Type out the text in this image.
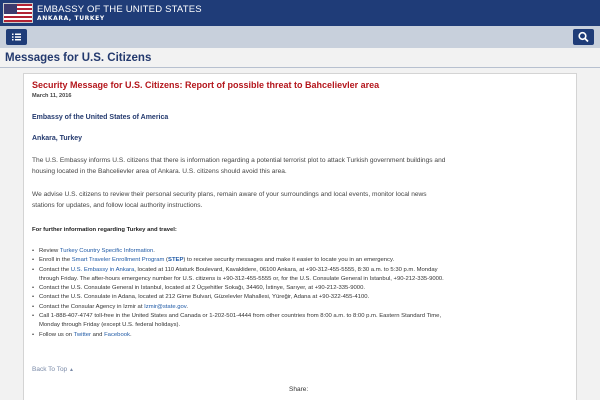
EMBASSY OF THE UNITED STATES
ANKARA, TURKEY
Messages for U.S. Citizens
Security Message for U.S. Citizens: Report of possible threat to Bahcelievler area
March 11, 2016
Embassy of the United States of America
Ankara, Turkey
The U.S. Embassy informs U.S. citizens that there is information regarding a potential terrorist plot to attack Turkish government buildings and
housing located in the Bahcelievler area of Ankara. U.S. citizens should avoid this area.
We advise U.S. citizens to review their personal security plans, remain aware of your surroundings and local events, monitor local news
stations for updates, and follow local authority instructions.
For further information regarding Turkey and travel:
• Review Turkey Country Specific Information.
• Enroll in the Smart Traveler Enrollment Program (STEP) to receive security messages and make it easier to locate you in an emergency.
• Contact the U.S. Embassy in Ankara, located at 110 Ataturk Boulevard, Kavaklidere, 06100 Ankara, at +90-312-455-5555, 8:30 a.m. to 5:30 p.m. Monday
through Friday. The after-hours emergency number for U.S. citizens is +90-312-455-5555 or, for the U.S. Consulate General in Istanbul, +90-212-335-9000.
• Contact the U.S. Consulate General in Istanbul, located at 2 Üçşehitler Sokağı, 34460, İstinye, Sarıyer, at +90-212-335-9000.
• Contact the U.S. Consulate in Adana, located at 212 Girne Bulvari, Güzelevler Mahallesi, Yüreğir, Adana at +90-322-455-4100.
• Contact the Consular Agency in Izmir at Izmir@state.gov.
• Call 1-888-407-4747 toll-free in the United States and Canada or 1-202-501-4444 from other countries from 8:00 a.m. to 8:00 p.m. Eastern Standard Time,
Monday through Friday (except U.S. federal holidays).
• Follow us on Twitter and Facebook.
Back To Top ▲
Share:
